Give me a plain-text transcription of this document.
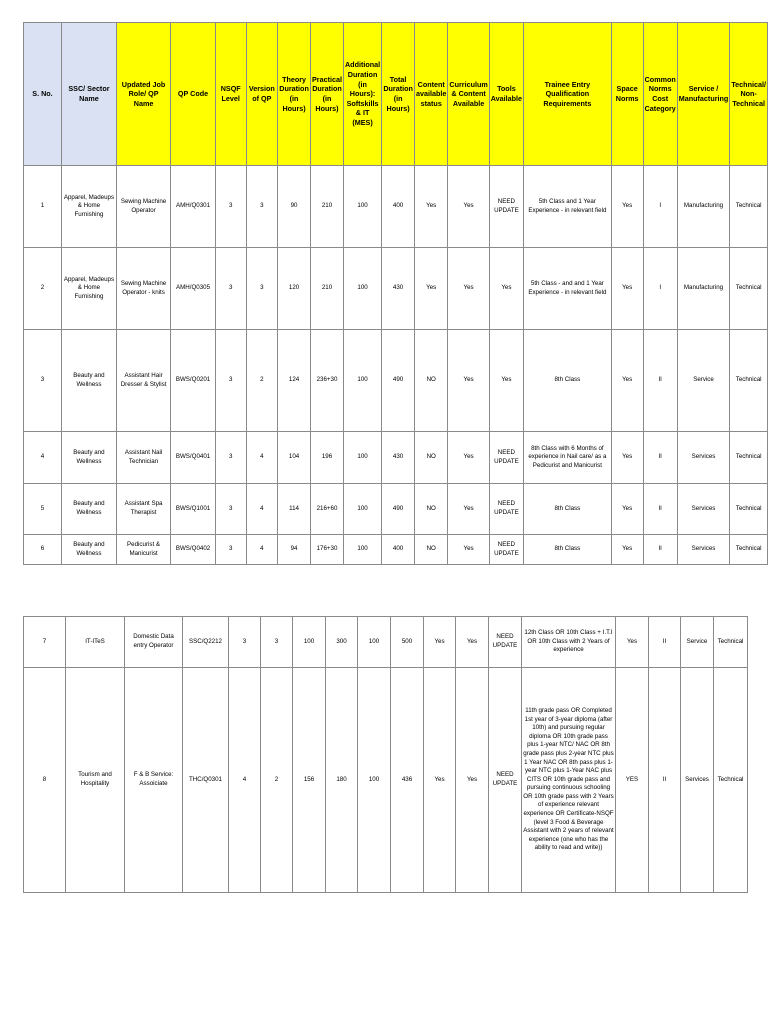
S. No.	SSC/ Sector Name	Updated Job Role/ QP Name	QP Code	NSQF Level	Version of QP	Theory Duration (in Hours)	Practical Duration (in Hours)	Additional Duration (in Hours): Softskills & IT (MES)	Total Duration (in Hours)	Content available status	Curriculum & Content Available	Tools Available	Trainee Entry Qualification Requirements	Space Norms	Common Norms Cost Category	Service / Manufacturing	Technical/ Non-Technical
1	Apparel, Madeups & Home Furnishing	Sewing Machine Operator	AMH/Q0301	3	3	90	210	100	400	Yes	Yes	NEED UPDATE	5th Class and 1 Year Experience - in relevant field	Yes	I	Manufacturing	Technical
2	Apparel, Madeups & Home Furnishing	Sewing Machine Operator - knits	AMH/Q0305	3	3	120	210	100	430	Yes	Yes	Yes	5th Class - and and 1 Year Experience - in relevant field	Yes	I	Manufacturing	Technical
3	Beauty and Wellness	Assistant Hair Dresser & Stylist	BWS/Q0201	3	2	124	236+30	100	490	NO	Yes	Yes	8th Class	Yes	II	Service	Technical
4	Beauty and Wellness	Assistant Nail Technician	BWS/Q0401	3	4	104	196	100	430	NO	Yes	NEED UPDATE	8th Class with 6 Months of experience in Nail care/ as a Pedicurist and Manicurist	Yes	II	Services	Technical
5	Beauty and Wellness	Assistant Spa Therapist	BWS/Q1001	3	4	114	216+60	100	490	NO	Yes	NEED UPDATE	8th Class	Yes	II	Services	Technical
6	Beauty and Wellness	Pedicurist & Manicurist	BWS/Q0402	3	4	94	176+30	100	400	NO	Yes	NEED UPDATE	8th Class	Yes	II	Services	Technical
7	IT-ITeS	Domestic Data entry Operator	SSC/Q2212	3	3	100	300	100	500	Yes	Yes	NEED UPDATE	12th Class OR 10th Class + I.T.I OR 10th Class with 2 Years of experience	Yes	II	Service	Technical
8	Tourism and Hospitality	F & B Service: Assoiciate	THC/Q0301	4	2	156	180	100	436	Yes	Yes	NEED UPDATE	11th grade pass OR Completed 1st year of 3-year diploma (after 10th) and pursuing regular diploma OR 10th grade pass plus 1-year NTC/ NAC OR 8th grade pass plus 2-year NTC plus 1 Year NAC OR 8th pass plus 1-year NTC plus 1-Year NAC plus CITS OR 10th grade pass and pursuing continuous schooling OR 10th grade pass with 2 Years of experience relevant experience OR Certificate-NSQF (level 3 Food & Beverage Assistant with 2 years of relevant experience (one who has the ability to read and write))	YES	II	Services	Technical
